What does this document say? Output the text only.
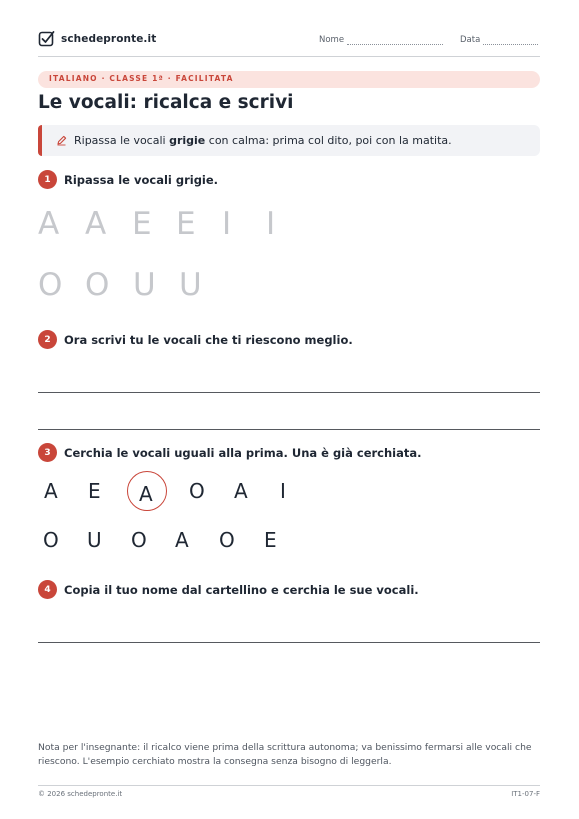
schedepronte.it	Nome	Data
ITALIANO · CLASSE 1ª · FACILITATA
Le vocali: ricalca e scrivi
Ripassa le vocali grigie con calma: prima col dito, poi con la matita.
1	Ripassa le vocali grigie.
A A E E I I
O O U U
2	Ora scrivi tu le vocali che ti riescono meglio.
3	Cerchia le vocali uguali alla prima. Una è già cerchiata.
A E A O A I
O U O A O E
4	Copia il tuo nome dal cartellino e cerchia le sue vocali.
Nota per l'insegnante: il ricalco viene prima della scrittura autonoma; va benissimo fermarsi alle vocali che riescono. L'esempio cerchiato mostra la consegna senza bisogno di leggerla.
© 2026 schedepronte.it	IT1-07-F
